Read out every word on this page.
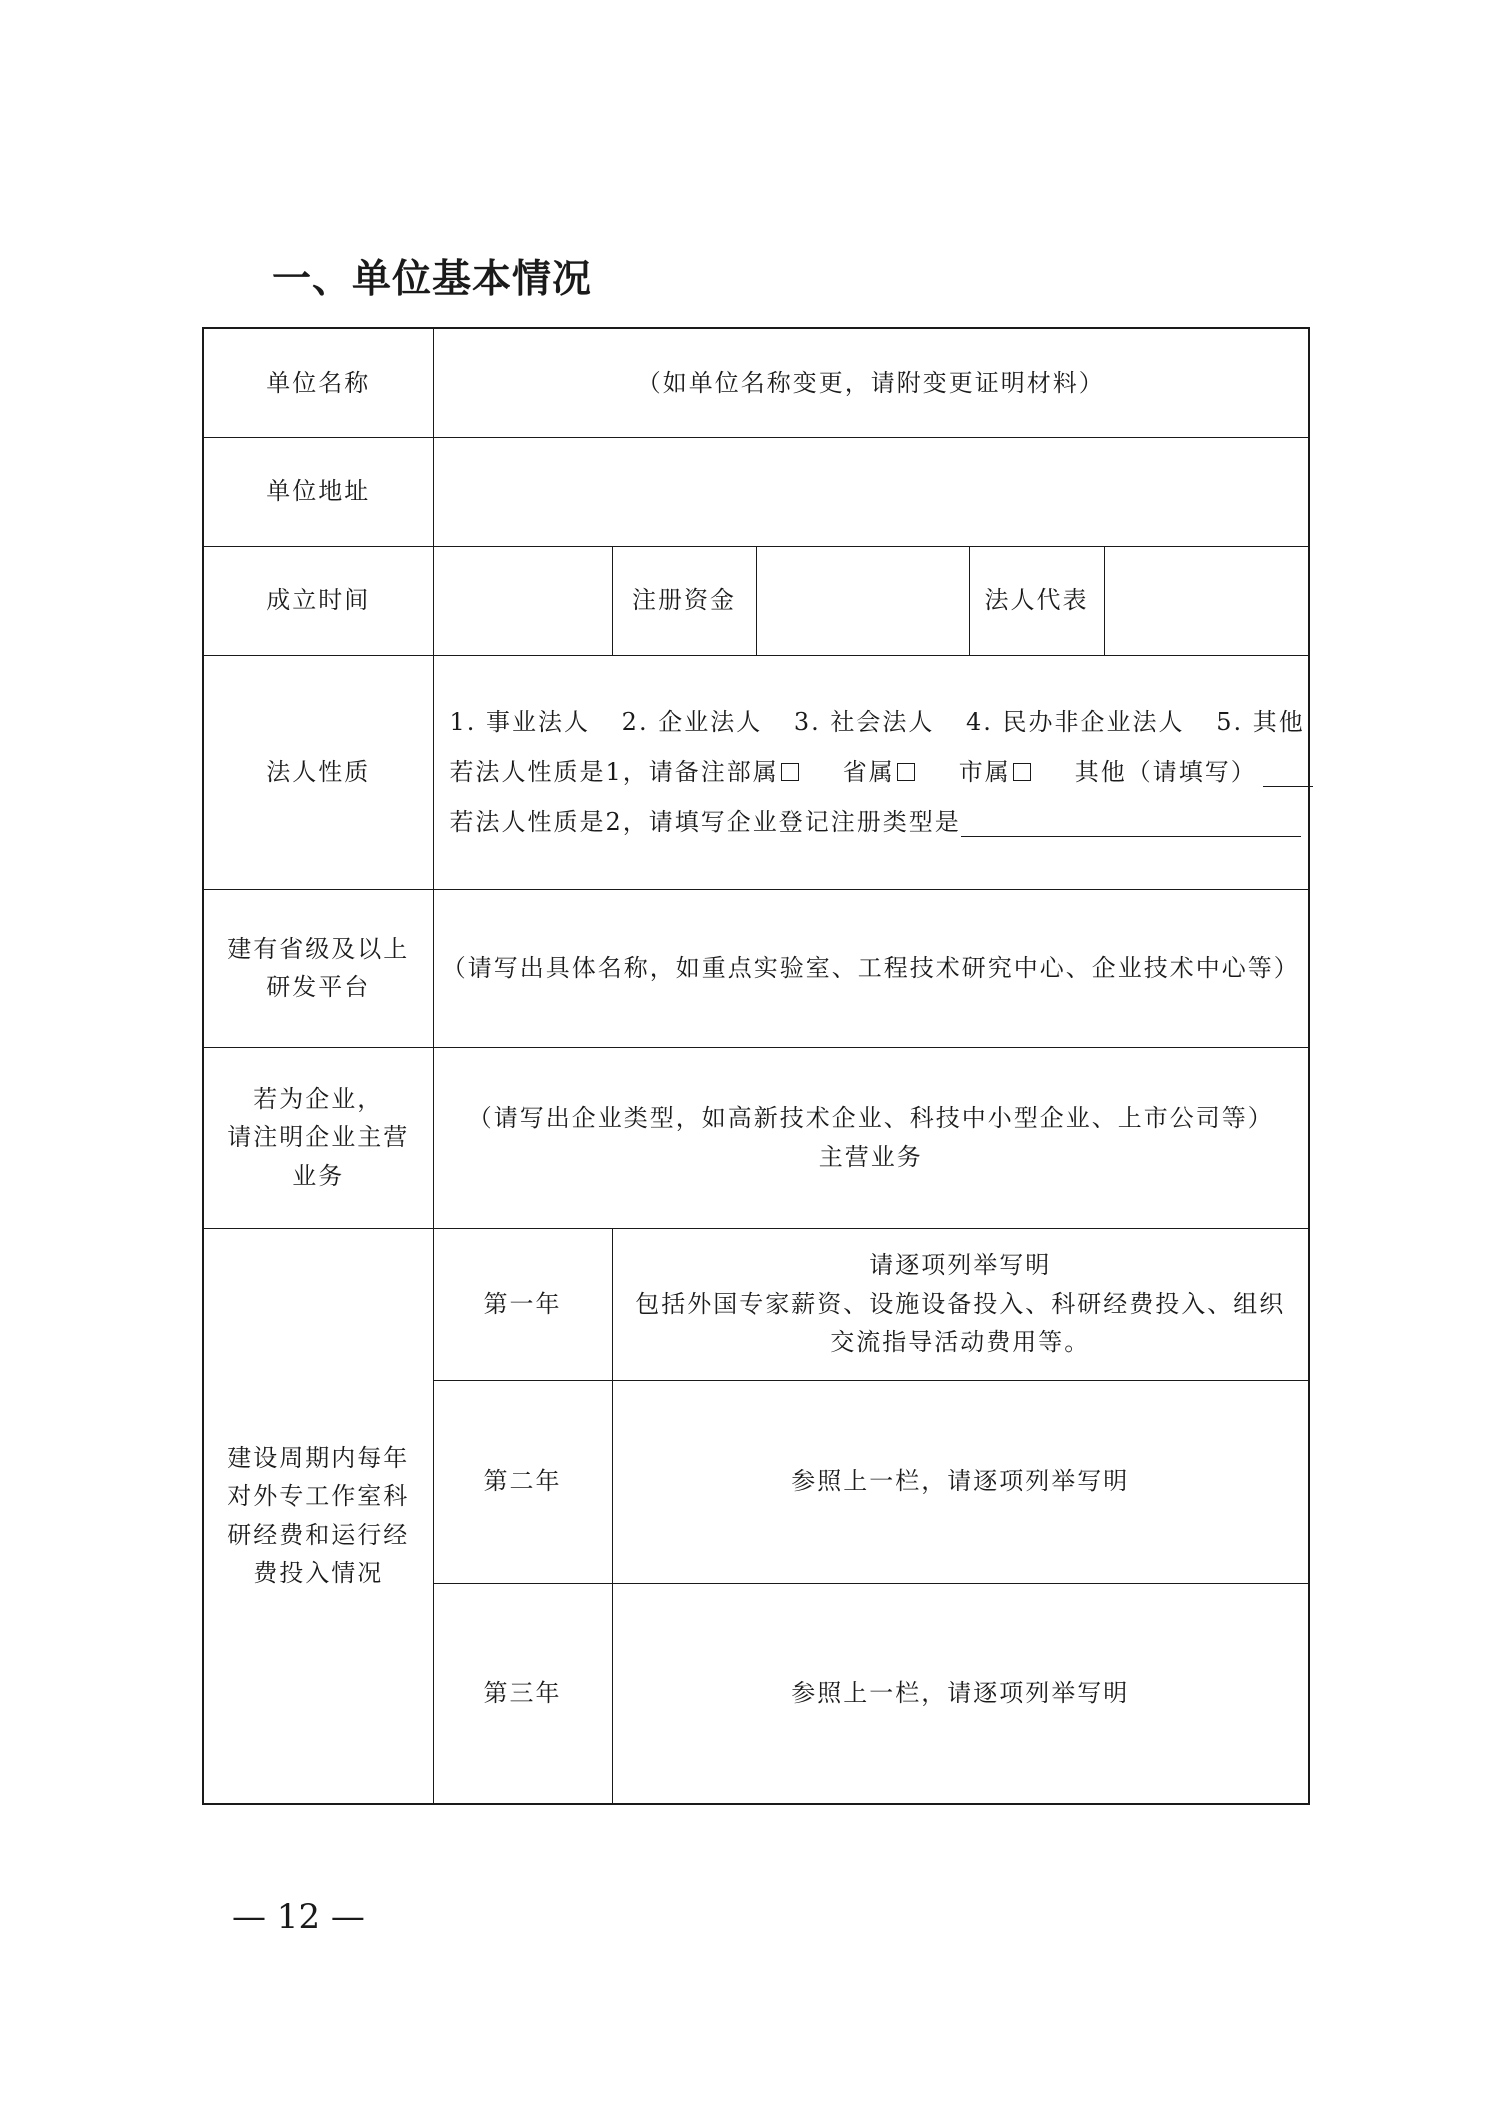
一、单位基本情况
单位名称	（如单位名称变更，请附变更证明材料）				
单位地址					
成立时间		注册资金		法人代表	
法人性质	1. 事业法人 2. 企业法人 3. 社会法人 4. 民办非企业法人 5. 其他
若法人性质是1，请备注部属 省属 市属 其他（请填写）
若法人性质是2，请填写企业登记注册类型是				

建有省级及以上
研发平台	（请写出具体名称，如重点实验室、工程技术研究中心、企业技术中心等）				
若为企业，
请注明企业主营
业务	（请写出企业类型，如高新技术企业、科技中小型企业、上市公司等）
主营业务				
建设周期内每年
对外专工作室科
研经费和运行经
费投入情况	第一年	请逐项列举写明
包括外国专家薪资、设施设备投入、科研经费投入、组织
交流指导活动费用等。			
	第二年	参照上一栏，请逐项列举写明			
	第三年	参照上一栏，请逐项列举写明			

— 12 —
